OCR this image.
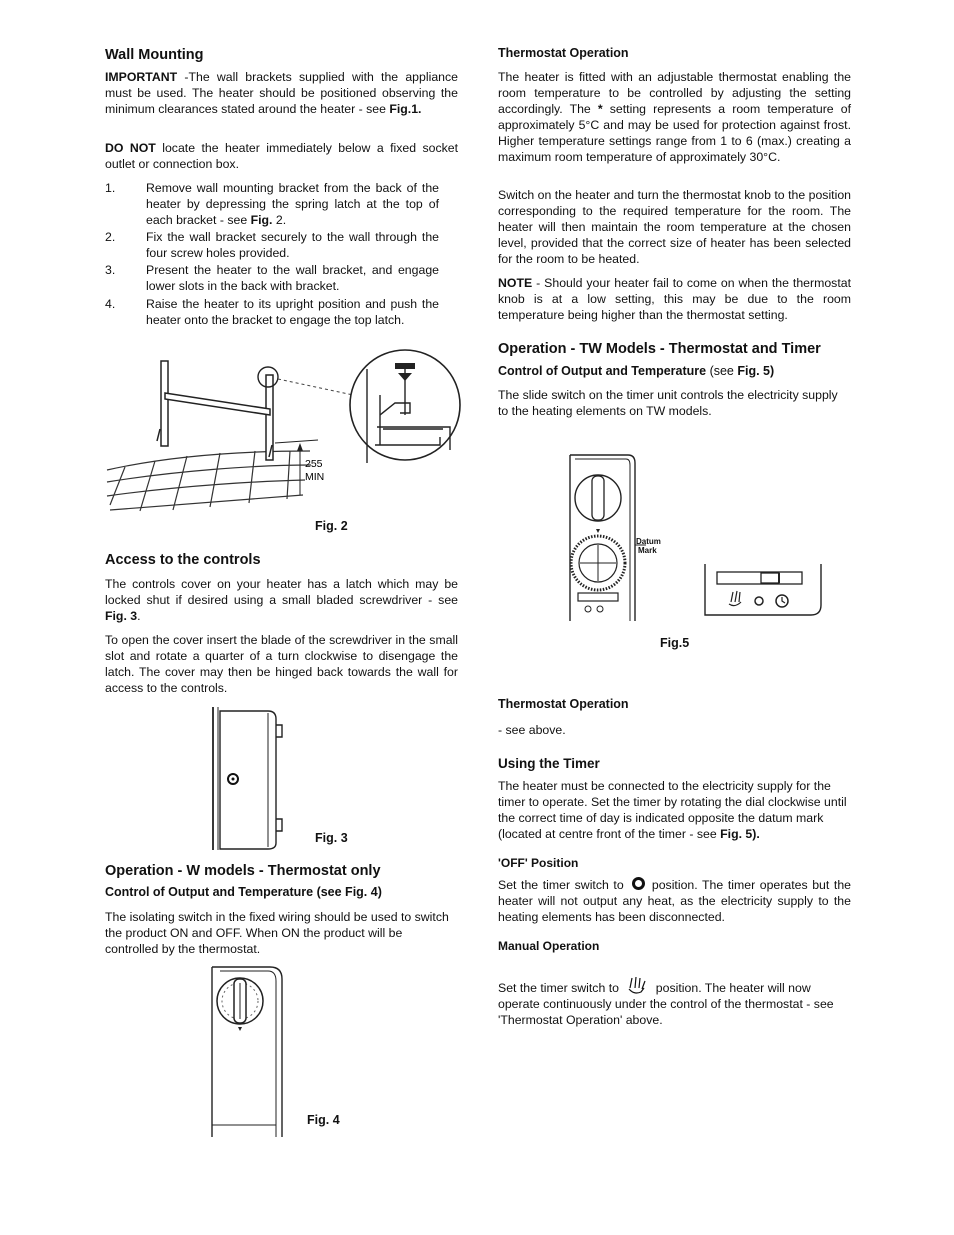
Wall Mounting

IMPORTANT -The wall brackets supplied with the appliance must be used. The heater should be positioned observing the minimum clearances stated around the heater - see Fig.1.

DO NOT locate the heater immediately below a fixed socket outlet or connection box.

1. Remove wall mounting bracket from the back of the heater by depressing the spring latch at the top of each bracket - see Fig. 2.
2. Fix the wall bracket securely to the wall through the four screw holes provided.
3. Present the heater to the wall bracket, and engage lower slots in the back with bracket.
4. Raise the heater to its upright position and push the heater onto the bracket to engage the top latch.
255
MIN
Fig. 2
Access to the controls

The controls cover on your heater has a latch which may be locked shut if desired using a small bladed screwdriver - see Fig. 3.

To open the cover insert the blade of the screwdriver in the small slot and rotate a quarter of a turn clockwise to disengage the latch. The cover may then be hinged back towards the wall for access to the controls.

Fig. 3
Operation - W models - Thermostat only
Control of Output and Temperature (see Fig. 4)

The isolating switch in the fixed wiring should be used to switch the product ON and OFF. When ON the product will be controlled by the thermostat.

Fig. 4
Thermostat Operation

The heater is fitted with an adjustable thermostat enabling the room temperature to be controlled by adjusting the setting accordingly. The * setting represents a room temperature of approximately 5°C and may be used for protection against frost. Higher temperature settings range from 1 to 6 (max.) creating a maximum room temperature of approximately 30°C.

Switch on the heater and turn the thermostat knob to the position corresponding to the required temperature for the room. The heater will then maintain the room temperature at the chosen level, provided that the correct size of heater has been selected for the room to be heated.

NOTE - Should your heater fail to come on when the thermostat knob is at a low setting, this may be due to the room temperature being higher than the thermostat setting.

Operation - TW Models - Thermostat and Timer
Control of Output and Temperature (see Fig. 5)

The slide switch on the timer unit controls the electricity supply to the heating elements on TW models.

Datum
Mark
Fig.5
Thermostat Operation

- see above.

Using the Timer

The heater must be connected to the electricity supply for the timer to operate. Set the timer by rotating the dial clockwise until the correct time of day is indicated opposite the datum mark (located at centre front of the timer - see Fig. 5).

'OFF' Position

Set the timer switch to  position. The timer operates but the heater will not output any heat, as the electricity supply to the heating elements has been disconnected.

Manual Operation

Set the timer switch to  position. The heater will now operate continuously under the control of the thermostat - see 'Thermostat Operation' above.
